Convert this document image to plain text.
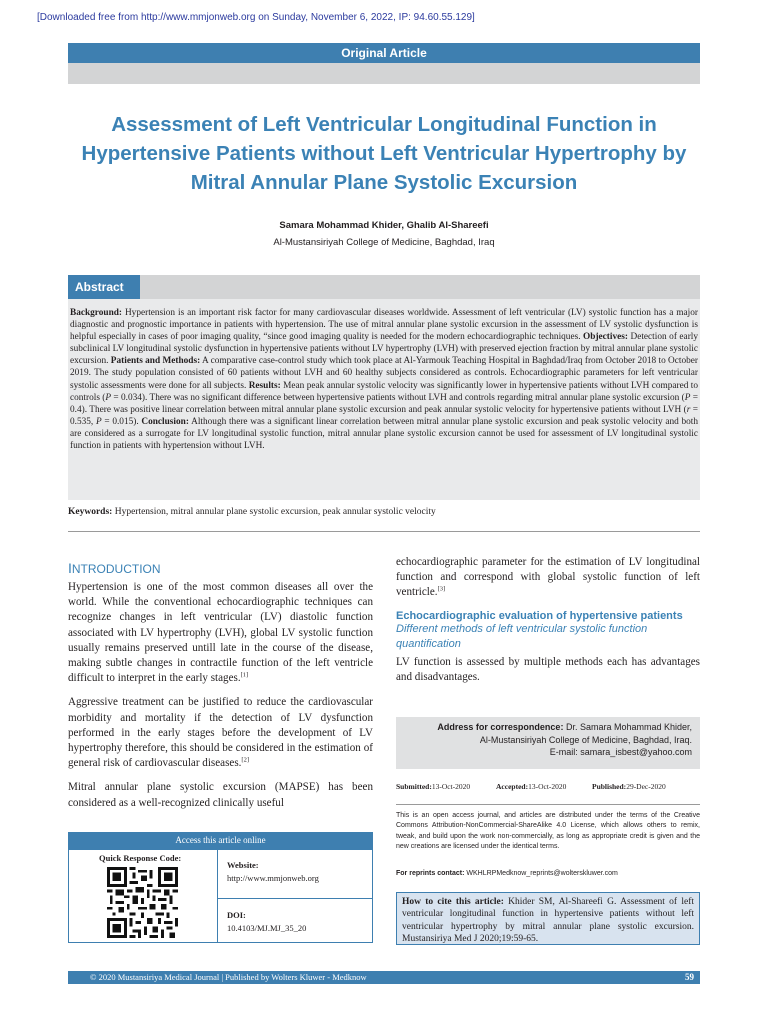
[Downloaded free from http://www.mmjonweb.org on Sunday, November 6, 2022, IP: 94.60.55.129]
Original Article
Assessment of Left Ventricular Longitudinal Function in Hypertensive Patients without Left Ventricular Hypertrophy by Mitral Annular Plane Systolic Excursion
Samara Mohammad Khider, Ghalib Al-Shareefi
Al-Mustansiriyah College of Medicine, Baghdad, Iraq
Abstract

Background: Hypertension is an important risk factor for many cardiovascular diseases worldwide. Assessment of left ventricular (LV) systolic function has a major diagnostic and prognostic importance in patients with hypertension. The use of mitral annular plane systolic excursion in the assessment of LV systolic dysfunction is helpful especially in cases of poor imaging quality, “since good imaging quality is needed for the modern echocardiographic techniques. Objectives: Detection of early subclinical LV longitudinal systolic dysfunction in hypertensive patients without LV hypertrophy (LVH) with preserved ejection fraction by mitral annular plane systolic excursion. Patients and Methods: A comparative case-control study which took place at Al-Yarmouk Teaching Hospital in Baghdad/Iraq from October 2018 to October 2019. The study population consisted of 60 patients without LVH and 60 healthy subjects considered as controls. Echocardiographic parameters for left ventricular systolic assessments were done for all subjects. Results: Mean peak annular systolic velocity was significantly lower in hypertensive patients without LVH compared to controls (P = 0.034). There was no significant difference between hypertensive patients without LVH and controls regarding mitral annular plane systolic excursion (P = 0.4). There was positive linear correlation between mitral annular plane systolic excursion and peak annular systolic velocity for hypertensive patients without LVH (r = 0.535, P = 0.015). Conclusion: Although there was a significant linear correlation between mitral annular plane systolic excursion and peak systolic velocity and both are considered as a surrogate for LV longitudinal systolic function, mitral annular plane systolic excursion cannot be used for assessment of LV longitudinal systolic function in patients with hypertension without LVH.

Keywords: Hypertension, mitral annular plane systolic excursion, peak annular systolic velocity
INTRODUCTION

Hypertension is one of the most common diseases all over the world. While the conventional echocardiographic techniques can recognize changes in left ventricular (LV) diastolic function associated with LV hypertrophy (LVH), global LV systolic function usually remains preserved untill late in the course of the disease, making subtle changes in contractile function of the left ventricle difficult to interpret in the early stages.[1]

Aggressive treatment can be justified to reduce the cardiovascular morbidity and mortality if the detection of LV dysfunction performed in the early stages before the development of LV hypertrophy therefore, this should be considered in the estimation of general risk of cardiovascular diseases.[2]

Mitral annular plane systolic excursion (MAPSE) has been considered as a well-recognized clinically useful

echocardiographic parameter for the estimation of LV longitudinal function and correspond with global systolic function of left ventricle.[3]

Echocardiographic evaluation of hypertensive patients
Different methods of left ventricular systolic function quantification

LV function is assessed by multiple methods each has advantages and disadvantages.

Access this article online
Quick Response Code:
Website:
http://www.mmjonweb.org
DOI:
10.4103/MJ.MJ_35_20
Address for correspondence: Dr. Samara Mohammad Khider,
Al-Mustansiriyah College of Medicine, Baghdad, Iraq.
E-mail: samara_isbest@yahoo.com
Submitted: 13-Oct-2020	Accepted: 13-Oct-2020	Published: 29-Dec-2020

This is an open access journal, and articles are distributed under the terms of the Creative Commons Attribution-NonCommercial-ShareAlike 4.0 License, which allows others to remix, tweak, and build upon the work non-commercially, as long as appropriate credit is given and the new creations are licensed under the identical terms.

For reprints contact: WKHLRPMedknow_reprints@wolterskluwer.com
How to cite this article: Khider SM, Al-Shareefi G. Assessment of left ventricular longitudinal function in hypertensive patients without left ventricular hypertrophy by mitral annular plane systolic excursion. Mustansiriya Med J 2020;19:59-65.
© 2020 Mustansiriya Medical Journal | Published by Wolters Kluwer - Medknow	59
